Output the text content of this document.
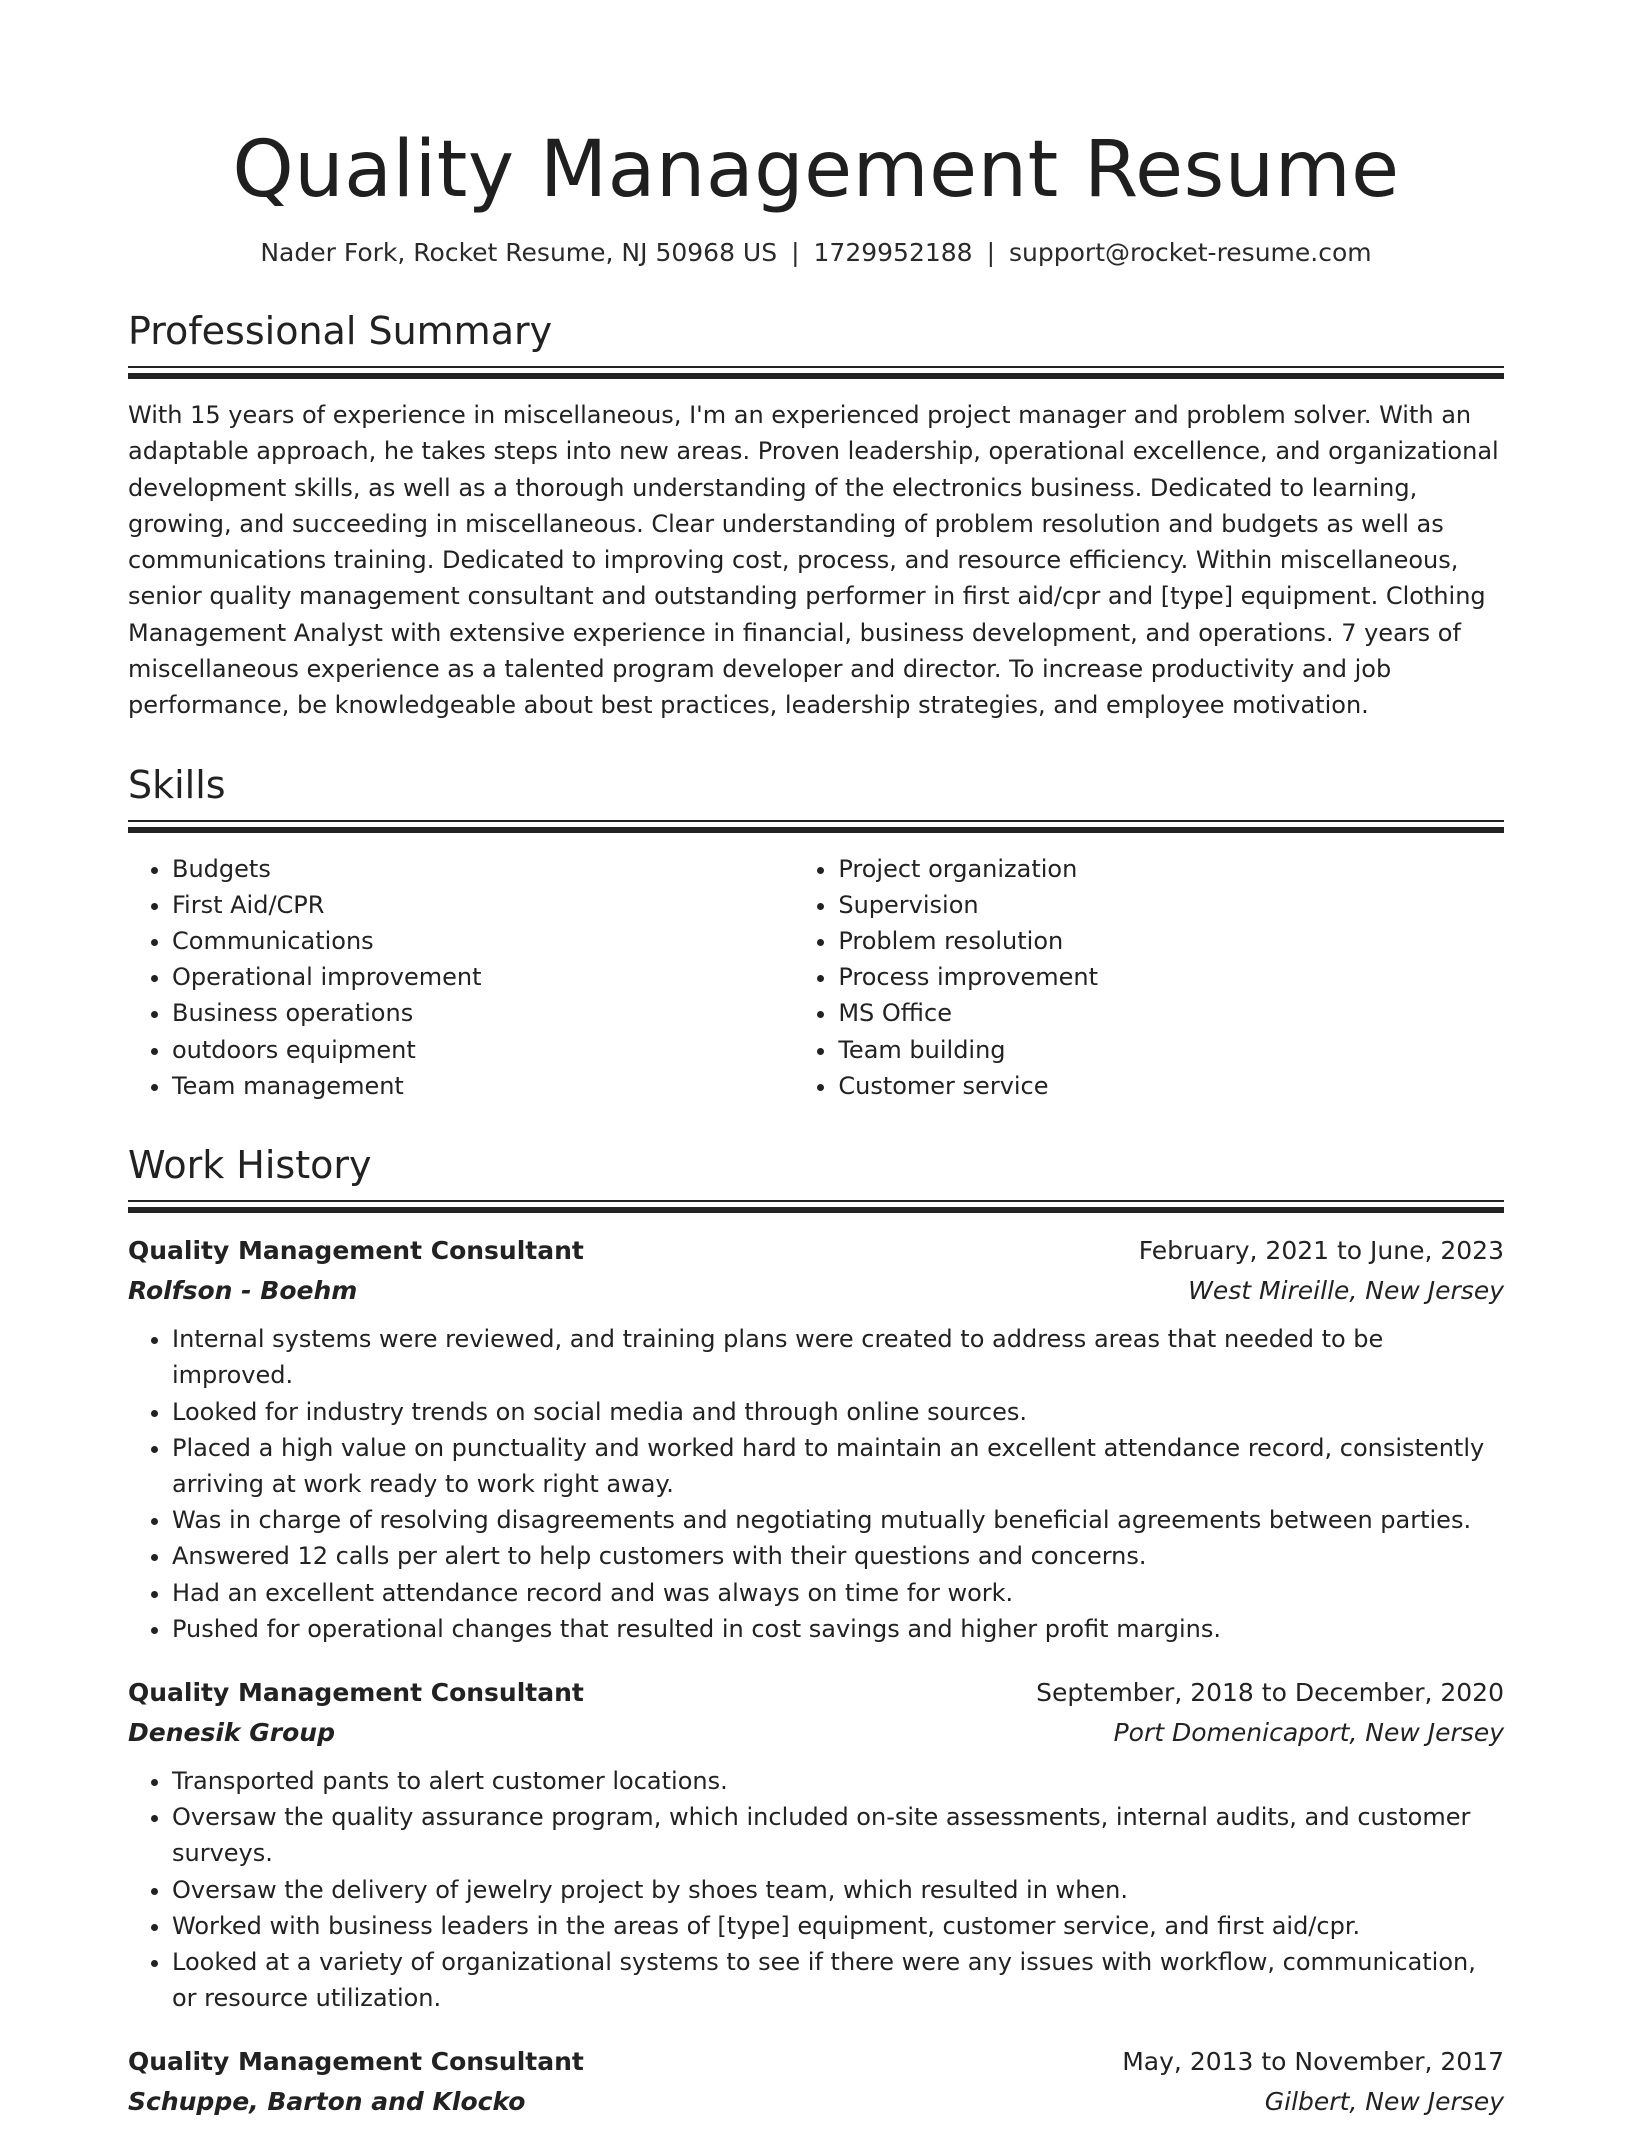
Quality Management Resume
Nader Fork, Rocket Resume, NJ 50968 US | 1729952188 | support@rocket-resume.com
Professional Summary

With 15 years of experience in miscellaneous, I'm an experienced project manager and problem solver. With an adaptable approach, he takes steps into new areas. Proven leadership, operational excellence, and organizational development skills, as well as a thorough understanding of the electronics business. Dedicated to learning, growing, and succeeding in miscellaneous. Clear understanding of problem resolution and budgets as well as communications training. Dedicated to improving cost, process, and resource efficiency. Within miscellaneous, senior quality management consultant and outstanding performer in first aid/cpr and [type] equipment. Clothing Management Analyst with extensive experience in financial, business development, and operations. 7 years of miscellaneous experience as a talented program developer and director. To increase productivity and job performance, be knowledgeable about best practices, leadership strategies, and employee motivation.

Skills
• Budgets
• First Aid/CPR
• Communications
• Operational improvement
• Business operations
• outdoors equipment
• Team management
• Project organization
• Supervision
• Problem resolution
• Process improvement
• MS Office
• Team building
• Customer service
Work History
Quality Management Consultant	February, 2021 to June, 2023
Rolfson - Boehm	West Mireille, New Jersey
• Internal systems were reviewed, and training plans were created to address areas that needed to be improved.
• Looked for industry trends on social media and through online sources.
• Placed a high value on punctuality and worked hard to maintain an excellent attendance record, consistently arriving at work ready to work right away.
• Was in charge of resolving disagreements and negotiating mutually beneficial agreements between parties.
• Answered 12 calls per alert to help customers with their questions and concerns.
• Had an excellent attendance record and was always on time for work.
• Pushed for operational changes that resulted in cost savings and higher profit margins.
Quality Management Consultant	September, 2018 to December, 2020
Denesik Group	Port Domenicaport, New Jersey
• Transported pants to alert customer locations.
• Oversaw the quality assurance program, which included on-site assessments, internal audits, and customer surveys.
• Oversaw the delivery of jewelry project by shoes team, which resulted in when.
• Worked with business leaders in the areas of [type] equipment, customer service, and first aid/cpr.
• Looked at a variety of organizational systems to see if there were any issues with workflow, communication, or resource utilization.
Quality Management Consultant	May, 2013 to November, 2017
Schuppe, Barton and Klocko	Gilbert, New Jersey
